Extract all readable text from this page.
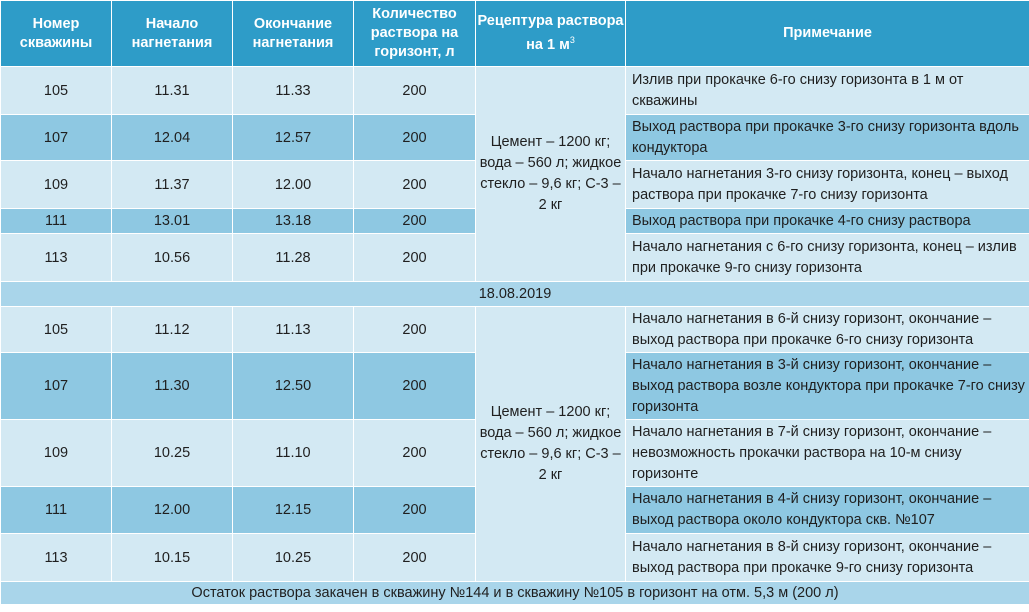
Номер скважины	Начало нагнетания	Окончание нагнетания	Количество раствора на горизонт, л	Рецептура раствора на 1 $м^3$	Примечание
105	11.31	11.33	200	Цемент – 1200 кг; вода – 560 л; жидкое стекло – 9,6 кг; С-3 – 2 кг	Излив при прокачке 6-го снизу горизонта в 1 м от скважины
107	12.04	12.57	200		Выход раствора при прокачке 3-го снизу горизонта вдоль кондуктора
109	11.37	12.00	200		Начало нагнетания 3-го снизу горизонта, конец – выход раствора при прокачке 7-го снизу горизонта
111	13.01	13.18	200		Выход раствора при прокачке 4-го снизу раствора
113	10.56	11.28	200		Начало нагнетания с 6-го снизу горизонта, конец – излив при прокачке 9-го снизу горизонта
18.08.2019					
105	11.12	11.13	200	Цемент – 1200 кг; вода – 560 л; жидкое стекло – 9,6 кг; С-3 – 2 кг	Начало нагнетания в 6-й снизу горизонт, окончание – выход раствора при прокачке 6-го снизу горизонта
107	11.30	12.50	200		Начало нагнетания в 3-й снизу горизонт, окончание – выход раствора возле кондуктора при прокачке 7-го снизу горизонта
109	10.25	11.10	200		Начало нагнетания в 7-й снизу горизонт, окончание – невозможность прокачки раствора на 10-м снизу горизонте
111	12.00	12.15	200		Начало нагнетания в 4-й снизу горизонт, окончание – выход раствора около кондуктора скв. №107
113	10.15	10.25	200		Начало нагнетания в 8-й снизу горизонт, окончание – выход раствора при прокачке 9-го снизу горизонта
Остаток раствора закачен в скважину №144 и в скважину №105 в горизонт на отм. 5,3 м (200 л)					
